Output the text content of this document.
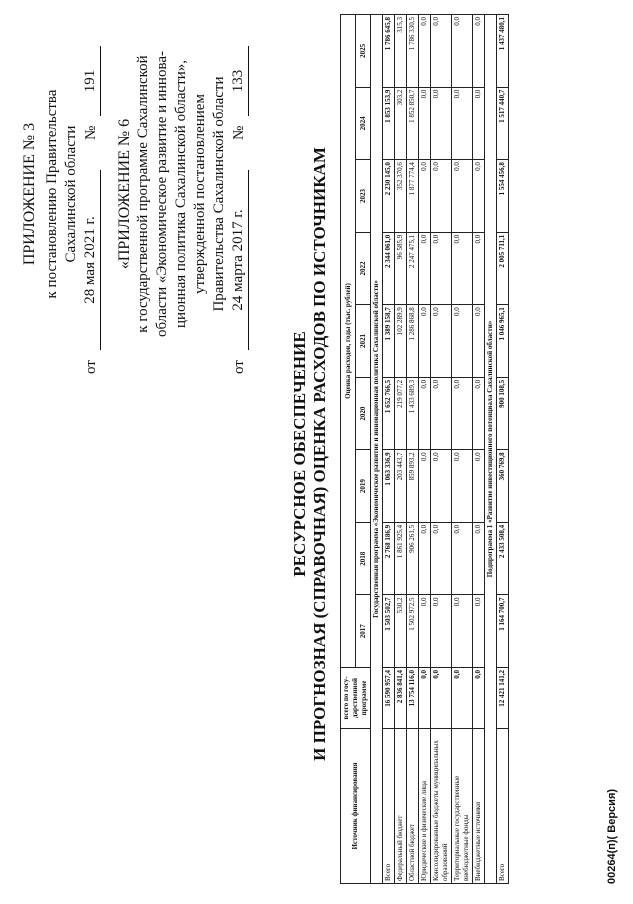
ПРИЛОЖЕНИЕ № 3 к постановлению Правительства Сахалинской области
от
28 мая 2021 г.
№
191
«ПРИЛОЖЕНИЕ № 6 к государственной программе Сахалинской области «Экономическое развитие и иннова- ционная политика Сахалинской области», утвержденной постановлением Правительства Сахалинской области
от
24 марта 2017 г.
№
133
РЕСУРСНОЕ ОБЕСПЕЧЕНИЕ И ПРОГНОЗНАЯ (СПРАВОЧНАЯ) ОЦЕНКА РАСХОДОВ ПО ИСТОЧНИКАМ
Источник финансирования	всего по госу-дарственной программе	Оценка расходов, годы (тыс. рублей)								
		2017	2018	2019	2020	2021	2022	2023	2024	2025
Государственная программа «Экономическое развитие и инновационная политика Сахалинской области»										
Всего	16 590 957,4	1 503 502,7	2 768 186,9	1 063 336,9	1 652 766,5	1 389 158,7	2 344 061,0	2 230 145,0	1 853 153,9	1 786 645,8
Федеральный бюджет	2 836 841,4	530,2	1 861 925,4	203 443,7	219 077,2	102 289,9	96 585,9	352 370,6	303,2	315,3
Областной бюджет	13 754 116,0	1 502 972,5	906 261,5	859 893,2	1 433 689,3	1 286 868,8	2 247 475,1	1 877 774,4	1 852 850,7	1 786 330,5
Юридические и физические лица	0,0	0,0	0,0	0,0	0,0	0,0	0,0	0,0	0,0	0,0
Консолидированные бюджеты муниципальных образований	0,0	0,0	0,0	0,0	0,0	0,0	0,0	0,0	0,0	0,0
Территориальные государственные внебюджетные фонды	0,0	0,0	0,0	0,0	0,0	0,0	0,0	0,0	0,0	0,0
Внебюджетные источники	0,0	0,0	0,0	0,0	0,0	0,0	0,0	0,0	0,0	0,0
Подпрограмма 1 «Развитие инвестиционного потенциала Сахалинской области»										
Всего	12 421 141,2	1 164 700,7	2 433 508,4	360 769,8	900 108,5	1 046 965,1	2 005 711,1	1 554 456,8	1 517 440,7	1 437 480,1
00264(п)( Версия)
